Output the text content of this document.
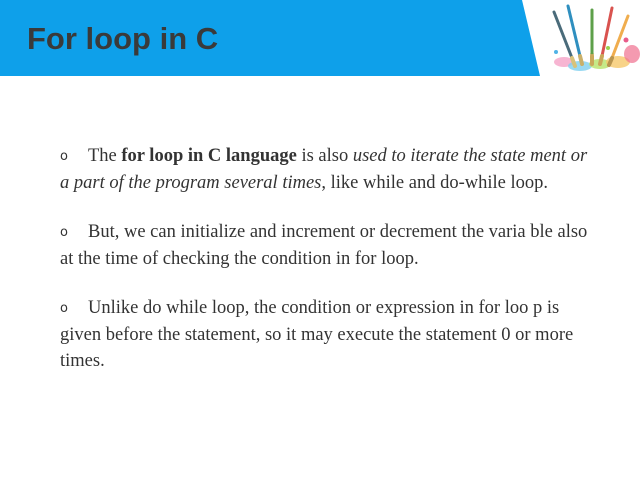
For loop in C

o The for loop in C language is also used to iterate the state ment or a part of the program several times, like while and do-while loop.

o But, we can initialize and increment or decrement the varia ble also at the time of checking the condition in for loop.

o Unlike do while loop, the condition or expression in for loo p is given before the statement, so it may execute the statement 0 or more times.
